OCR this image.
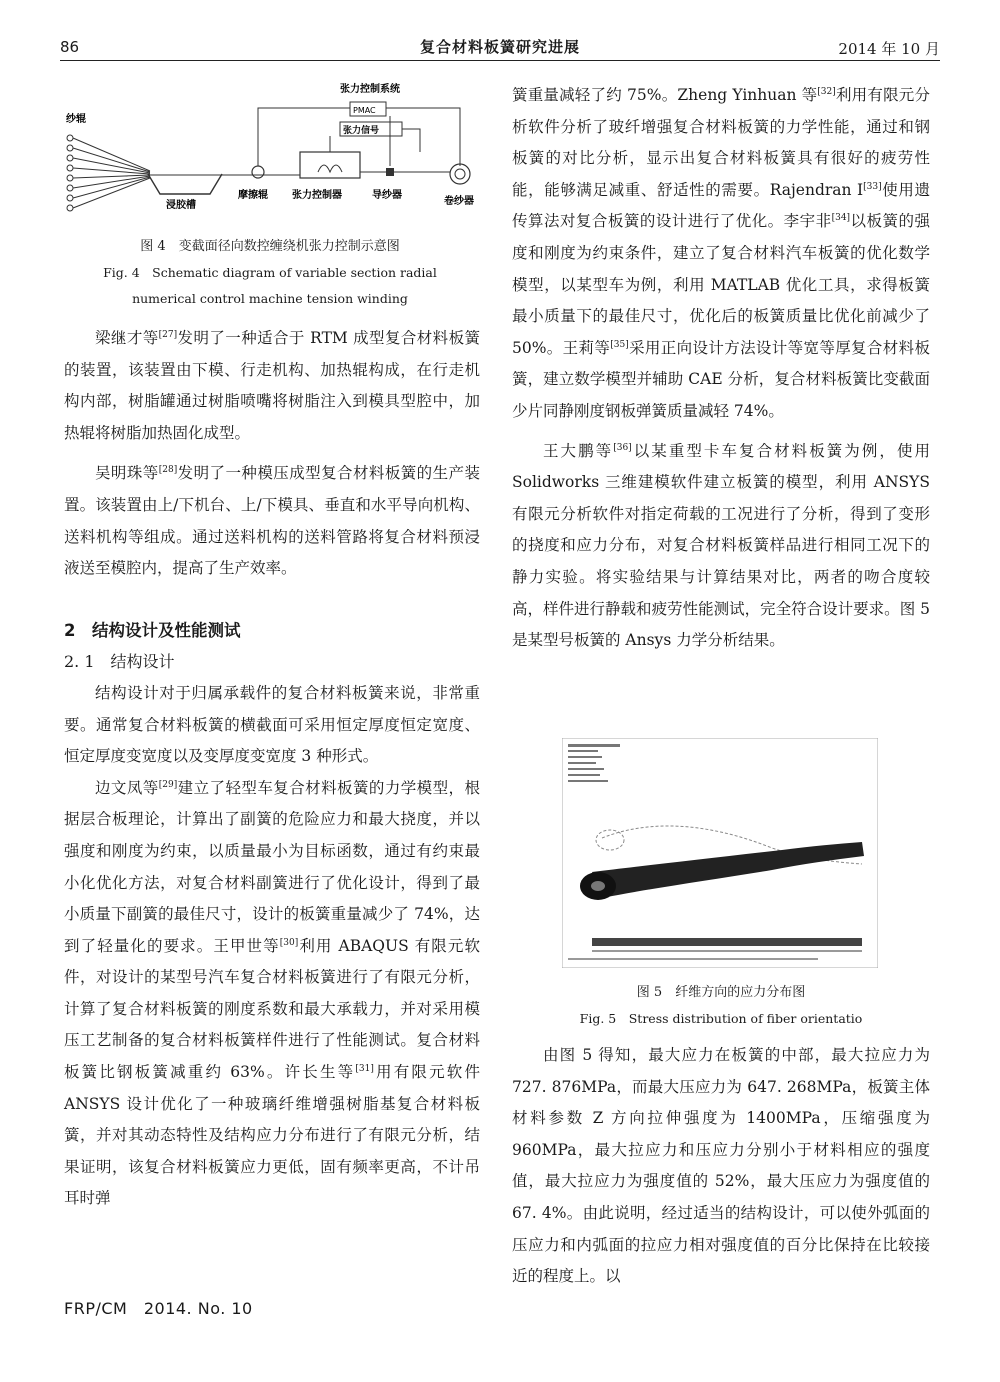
86	复合材料板簧研究进展	2014 年 10 月
张力控制系统
纱辊
浸胶槽
摩擦辊 张力控制器
PMAC
张力信号
导纱器
卷纱器
图 4　变截面径向数控缠绕机张力控制示意图
Fig. 4　Schematic diagram of variable section radial
numerical control machine tension winding

梁继才等[27]发明了一种适合于 RTM 成型复合材料板簧的装置，该装置由下模、行走机构、加热辊构成，在行走机构内部，树脂罐通过树脂喷嘴将树脂注入到模具型腔中，加热辊将树脂加热固化成型。

吴明珠等[28]发明了一种模压成型复合材料板簧的生产装置。该装置由上/下机台、上/下模具、垂直和水平导向机构、送料机构等组成。通过送料机构的送料管路将复合材料预浸液送至模腔内，提高了生产效率。

2　结构设计及性能测试
2. 1　结构设计

结构设计对于归属承载件的复合材料板簧来说，非常重要。通常复合材料板簧的横截面可采用恒定厚度恒定宽度、恒定厚度变宽度以及变厚度变宽度 3 种形式。

边文凤等[29]建立了轻型车复合材料板簧的力学模型，根据层合板理论，计算出了副簧的危险应力和最大挠度，并以强度和刚度为约束，以质量最小为目标函数，通过有约束最小化优化方法，对复合材料副簧进行了优化设计，得到了最小质量下副簧的最佳尺寸，设计的板簧重量减少了 74%，达到了轻量化的要求。王甲世等[30]利用 ABAQUS 有限元软件，对设计的某型号汽车复合材料板簧进行了有限元分析，计算了复合材料板簧的刚度系数和最大承载力，并对采用模压工艺制备的复合材料板簧样件进行了性能测试。复合材料板簧比钢板簧减重约 63%。许长生等[31]用有限元软件 ANSYS 设计优化了一种玻璃纤维增强树脂基复合材料板簧，并对其动态特性及结构应力分布进行了有限元分析，结果证明，该复合材料板簧应力更低，固有频率更高，不计吊耳时弹

簧重量减轻了约 75%。Zheng Yinhuan 等[32]利用有限元分析软件分析了玻纤增强复合材料板簧的力学性能，通过和钢板簧的对比分析，显示出复合材料板簧具有很好的疲劳性能，能够满足减重、舒适性的需要。Rajendran I[33]使用遗传算法对复合板簧的设计进行了优化。李宇非[34]以板簧的强度和刚度为约束条件，建立了复合材料汽车板簧的优化数学模型，以某型车为例，利用 MATLAB 优化工具，求得板簧最小质量下的最佳尺寸，优化后的板簧质量比优化前减少了 50%。王莉等[35]采用正向设计方法设计等宽等厚复合材料板簧，建立数学模型并辅助 CAE 分析，复合材料板簧比变截面少片同静刚度钢板弹簧质量减轻 74%。

王大鹏等[36]以某重型卡车复合材料板簧为例，使用 Solidworks 三维建模软件建立板簧的模型，利用 ANSYS 有限元分析软件对指定荷载的工况进行了分析，得到了变形的挠度和应力分布，对复合材料板簧样品进行相同工况下的静力实验。将实验结果与计算结果对比，两者的吻合度较高，样件进行静载和疲劳性能测试，完全符合设计要求。图 5 是某型号板簧的 Ansys 力学分析结果。

图 5　纤维方向的应力分布图
Fig. 5　Stress distribution of fiber orientatio

由图 5 得知，最大应力在板簧的中部，最大拉应力为 727. 876MPa，而最大压应力为 647. 268MPa，板簧主体材料参数 Z 方向拉伸强度为 1400MPa，压缩强度为 960MPa，最大拉应力和压应力分别小于材料相应的强度值，最大拉应力为强度值的 52%，最大压应力为强度值的 67. 4%。由此说明，经过适当的结构设计，可以使外弧面的压应力和内弧面的拉应力相对强度值的百分比保持在比较接近的程度上。以

FRP/CM　2014. No. 10
